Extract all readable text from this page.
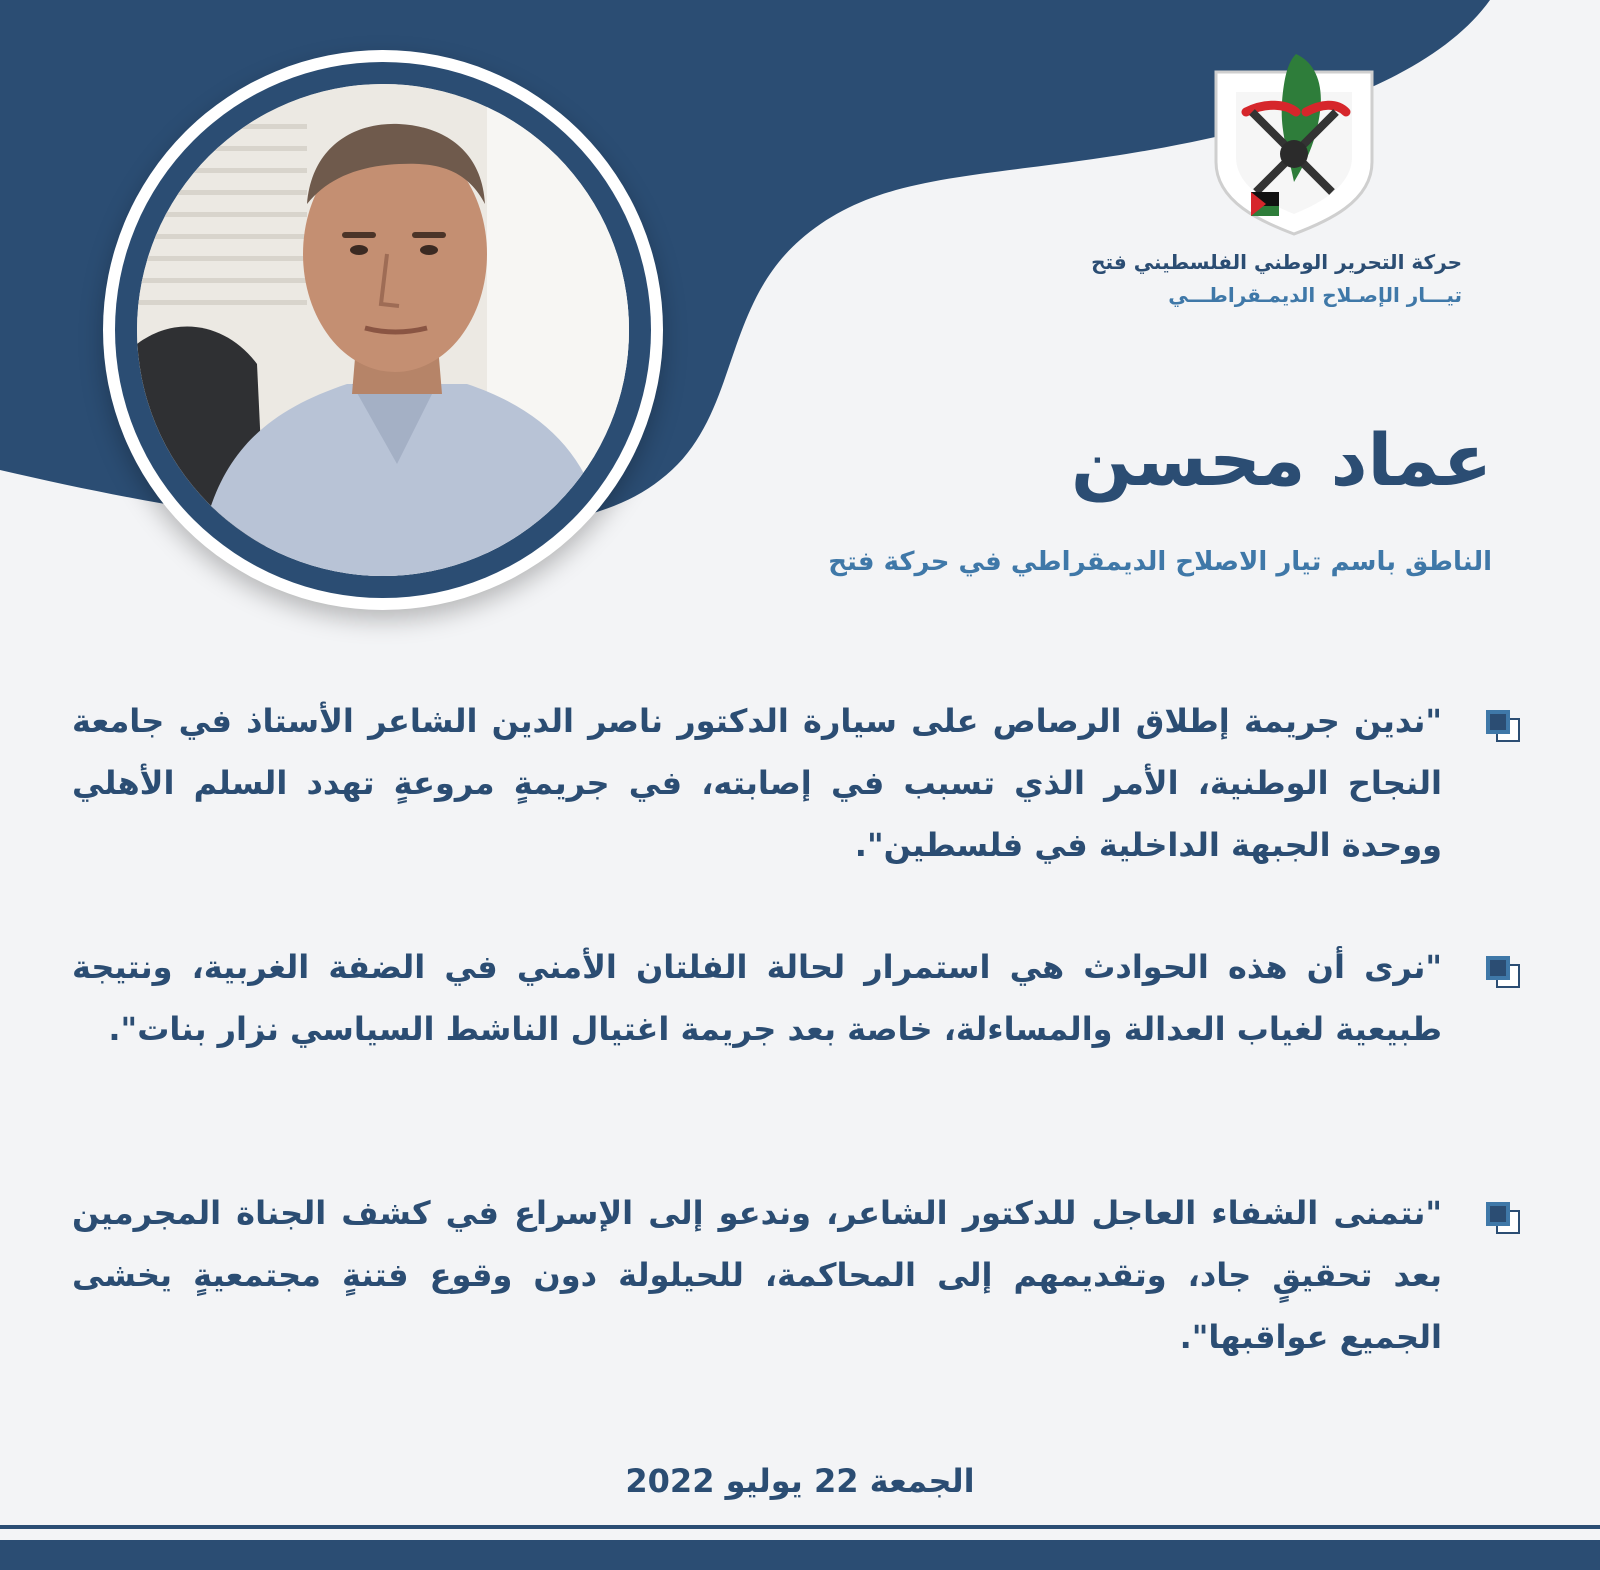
حركة التحرير الوطني الفلسطيني فتح
تيـــار الإصـلاح الديمـقراطـــي
عماد محسن
الناطق باسم تيار الاصلاح الديمقراطي في حركة فتح
"ندين جريمة إطلاق الرصاص على سيارة الدكتور ناصر الدين الشاعر الأستاذ في جامعة النجاح الوطنية، الأمر الذي تسبب في إصابته، في جريمةٍ مروعةٍ تهدد السلم الأهلي ووحدة الجبهة الداخلية في فلسطين".
"نرى أن هذه الحوادث هي استمرار لحالة الفلتان الأمني في الضفة الغربية، ونتيجة طبيعية لغياب العدالة والمساءلة، خاصة بعد جريمة اغتيال الناشط السياسي نزار بنات".
"نتمنى الشفاء العاجل للدكتور الشاعر، وندعو إلى الإسراع في كشف الجناة المجرمين بعد تحقيقٍ جاد، وتقديمهم إلى المحاكمة، للحيلولة دون وقوع فتنةٍ مجتمعيةٍ يخشى الجميع عواقبها".
الجمعة 22 يوليو 2022
